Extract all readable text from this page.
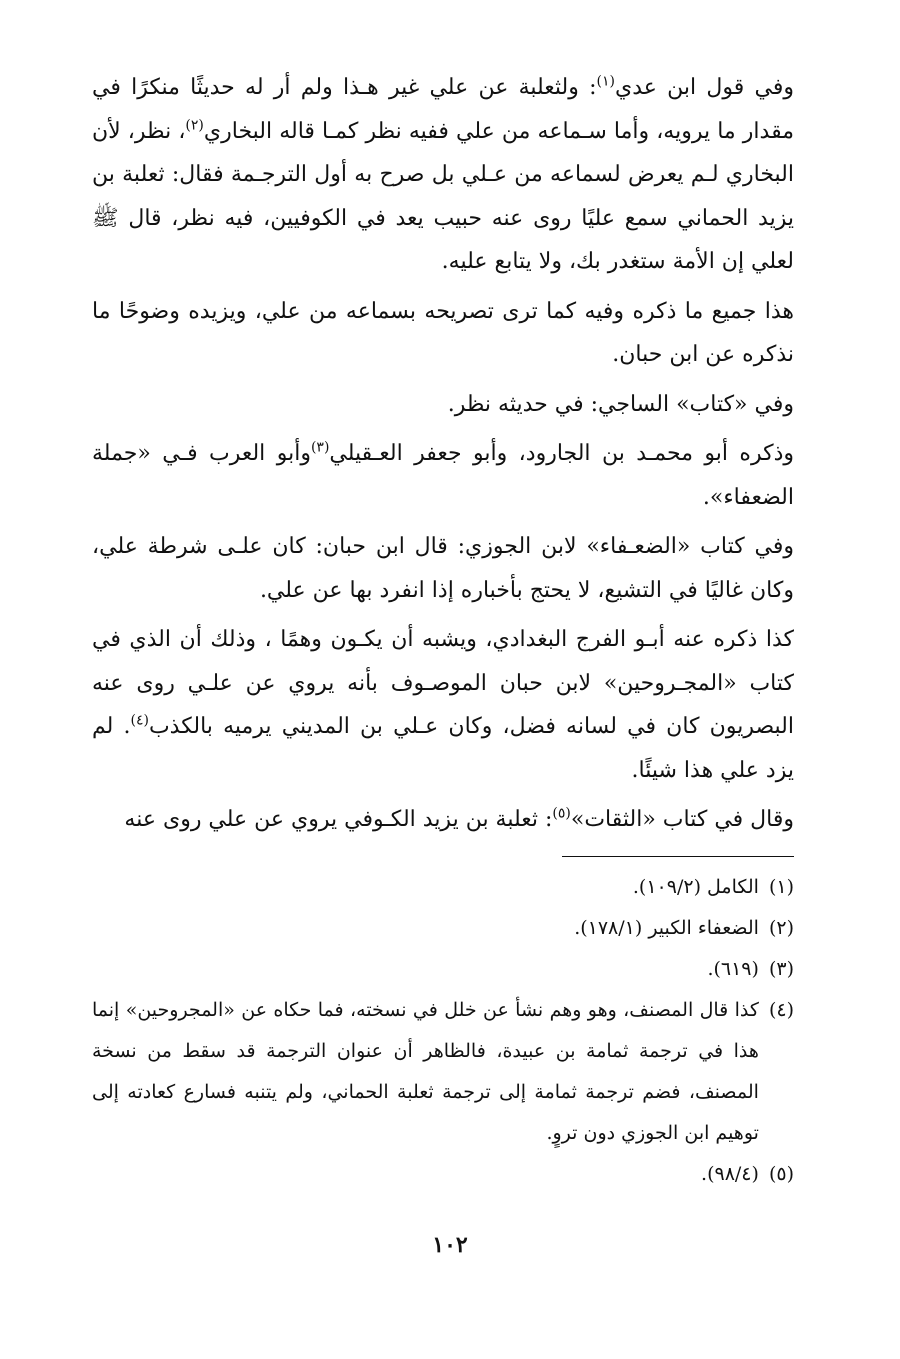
وفي قول ابن عدي$^{(١)}$: ولثعلبة عن علي غير هـذا ولم أر له حديثًا منكرًا في مقدار ما يرويه، وأما سـماعه من علي ففيه نظر كمـا قاله البخاري$^{(٢)}$، نظر، لأن البخاري لـم يعرض لسماعه من عـلي بل صرح به أول الترجـمة فقال: ثعلبة بن يزيد الحماني سمع عليًا روى عنه حبيب يعد في الكوفيين، فيه نظر، قال ﷺ لعلي إن الأمة ستغدر بك، ولا يتابع عليه.

هذا جميع ما ذكره وفيه كما ترى تصريحه بسماعه من علي، ويزيده وضوحًا ما نذكره عن ابن حبان.

وفي «كتاب» الساجي: في حديثه نظر.

وذكره أبو محمـد بن الجارود، وأبو جعفر العـقيلي$^{(٣)}$وأبو العرب فـي «جملة الضعفاء».

وفي كتاب «الضعـفاء» لابن الجوزي: قال ابن حبان: كان علـى شرطة علي، وكان غاليًا في التشيع، لا يحتج بأخباره إذا انفرد بها عن علي.

كذا ذكره عنه أبـو الفرج البغدادي، ويشبه أن يكـون وهمًا ، وذلك أن الذي في كتاب «المجـروحين» لابن حبان الموصـوف بأنه يروي عن علـي روى عنه البصريون كان في لسانه فضل، وكان عـلي بن المديني يرميه بالكذب$^{(٤)}$. لم يزد علي هذا شيئًا.

وقال في كتاب «الثقات»$^{(٥)}$: ثعلبة بن يزيد الكـوفي يروي عن علي روى عنه

(١)
الكامل (١٠٩/٢).
(٢)
الضعفاء الكبير (١٧٨/١).
(٣)
(٦١٩).
(٤)
كذا قال المصنف، وهو وهم نشأ عن خلل في نسخته، فما حكاه عن «المجروحين» إنما هذا في ترجمة ثمامة بن عبيدة، فالظاهر أن عنوان الترجمة قد سقط من نسخة المصنف، فضم ترجمة ثمامة إلى ترجمة ثعلبة الحماني، ولم يتنبه فسارع كعادته إلى توهيم ابن الجوزي دون تروٍ.
(٥)
(٩٨/٤).
١٠٢
